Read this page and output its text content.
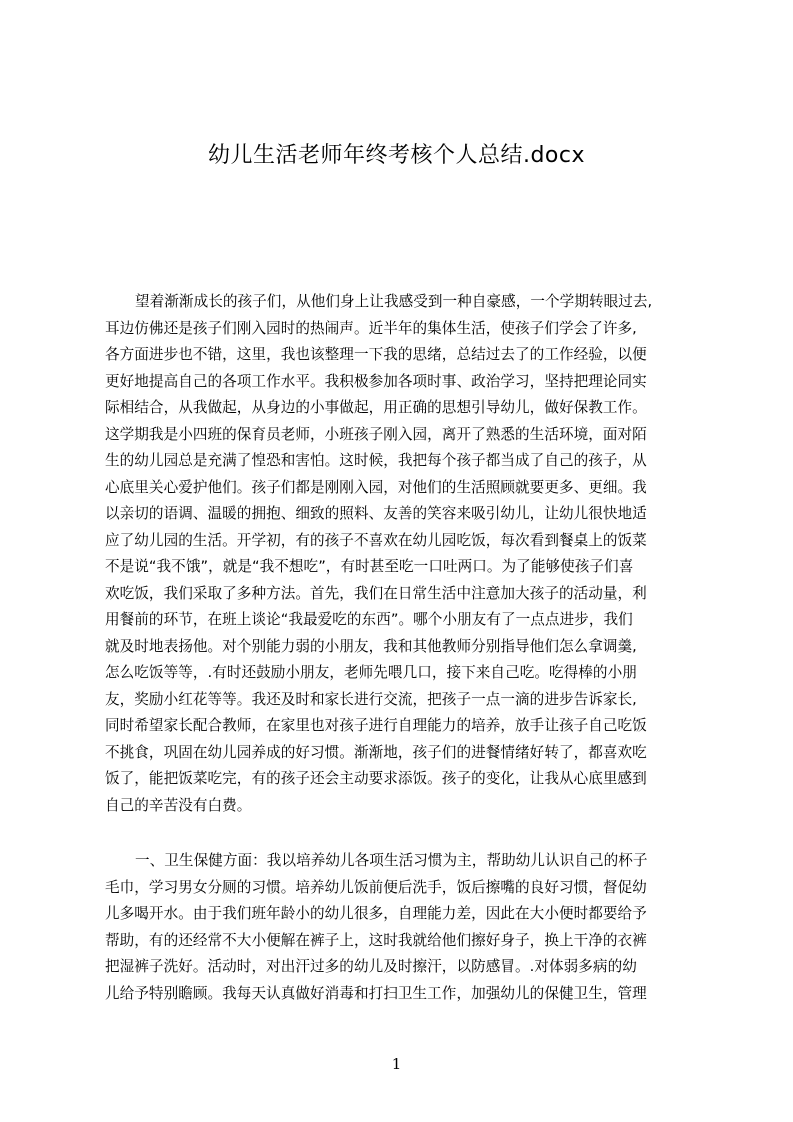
幼儿生活老师年终考核个人总结.docx
望着渐渐成长的孩子们，从他们身上让我感受到一种自豪感，一个学期转眼过去,
耳边仿佛还是孩子们刚入园时的热闹声。近半年的集体生活，使孩子们学会了许多,
各方面进步也不错，这里，我也该整理一下我的思绪，总结过去了的工作经验，以便
更好地提高自己的各项工作水平。我积极参加各项时事、政治学习，坚持把理论同实
际相结合，从我做起，从身边的小事做起，用正确的思想引导幼儿，做好保教工作。
这学期我是小四班的保育员老师，小班孩子刚入园，离开了熟悉的生活环境，面对陌
生的幼儿园总是充满了惶恐和害怕。这时候，我把每个孩子都当成了自己的孩子，从
心底里关心爱护他们。孩子们都是刚刚入园，对他们的生活照顾就要更多、更细。我
以亲切的语调、温暖的拥抱、细致的照料、友善的笑容来吸引幼儿，让幼儿很快地适
应了幼儿园的生活。开学初，有的孩子不喜欢在幼儿园吃饭，每次看到餐桌上的饭菜
不是说“我不饿”，就是“我不想吃”，有时甚至吃一口吐两口。为了能够使孩子们喜
欢吃饭，我们采取了多种方法。首先，我们在日常生活中注意加大孩子的活动量，利
用餐前的环节，在班上谈论“我最爱吃的东西”。哪个小朋友有了一点点进步，我们
就及时地表扬他。对个别能力弱的小朋友，我和其他教师分别指导他们怎么拿调羹,
怎么吃饭等等，.有时还鼓励小朋友，老师先喂几口，接下来自己吃。吃得棒的小朋
友，奖励小红花等等。我还及时和家长进行交流，把孩子一点一滴的进步告诉家长,
同时希望家长配合教师，在家里也对孩子进行自理能力的培养，放手让孩子自己吃饭
不挑食，巩固在幼儿园养成的好习惯。渐渐地，孩子们的进餐情绪好转了，都喜欢吃
饭了，能把饭菜吃完，有的孩子还会主动要求添饭。孩子的变化，让我从心底里感到
自己的辛苦没有白费。
一、卫生保健方面：我以培养幼儿各项生活习惯为主，帮助幼儿认识自己的杯子
毛巾，学习男女分厕的习惯。培养幼儿饭前便后洗手，饭后擦嘴的良好习惯，督促幼
儿多喝开水。由于我们班年龄小的幼儿很多，自理能力差，因此在大小便时都要给予
帮助，有的还经常不大小便解在裤子上，这时我就给他们擦好身子，换上干净的衣裤
把湿裤子洗好。活动时，对出汗过多的幼儿及时擦汗，以防感冒。.对体弱多病的幼
儿给予特别瞻顾。我每天认真做好消毒和打扫卫生工作，加强幼儿的保健卫生，管理
1
